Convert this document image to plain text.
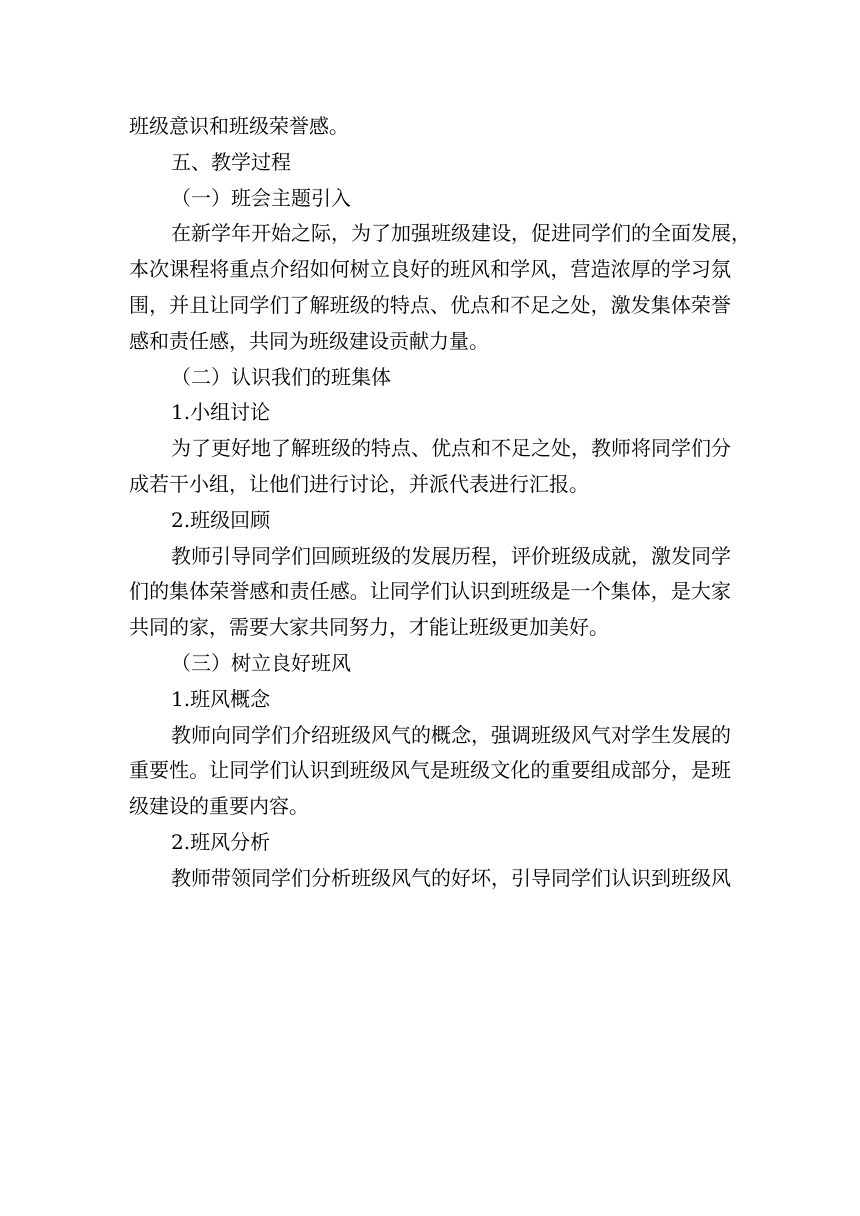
班级意识和班级荣誉感。

五、教学过程

（一）班会主题引入

在新学年开始之际，为了加强班级建设，促进同学们的全面发展，
本次课程将重点介绍如何树立良好的班风和学风，营造浓厚的学习氛
围，并且让同学们了解班级的特点、优点和不足之处，激发集体荣誉
感和责任感，共同为班级建设贡献力量。

（二）认识我们的班集体

1.小组讨论

为了更好地了解班级的特点、优点和不足之处，教师将同学们分
成若干小组，让他们进行讨论，并派代表进行汇报。

2.班级回顾

教师引导同学们回顾班级的发展历程，评价班级成就，激发同学
们的集体荣誉感和责任感。让同学们认识到班级是一个集体，是大家
共同的家，需要大家共同努力，才能让班级更加美好。

（三）树立良好班风

1.班风概念

教师向同学们介绍班级风气的概念，强调班级风气对学生发展的
重要性。让同学们认识到班级风气是班级文化的重要组成部分，是班
级建设的重要内容。

2.班风分析

教师带领同学们分析班级风气的好坏，引导同学们认识到班级风
